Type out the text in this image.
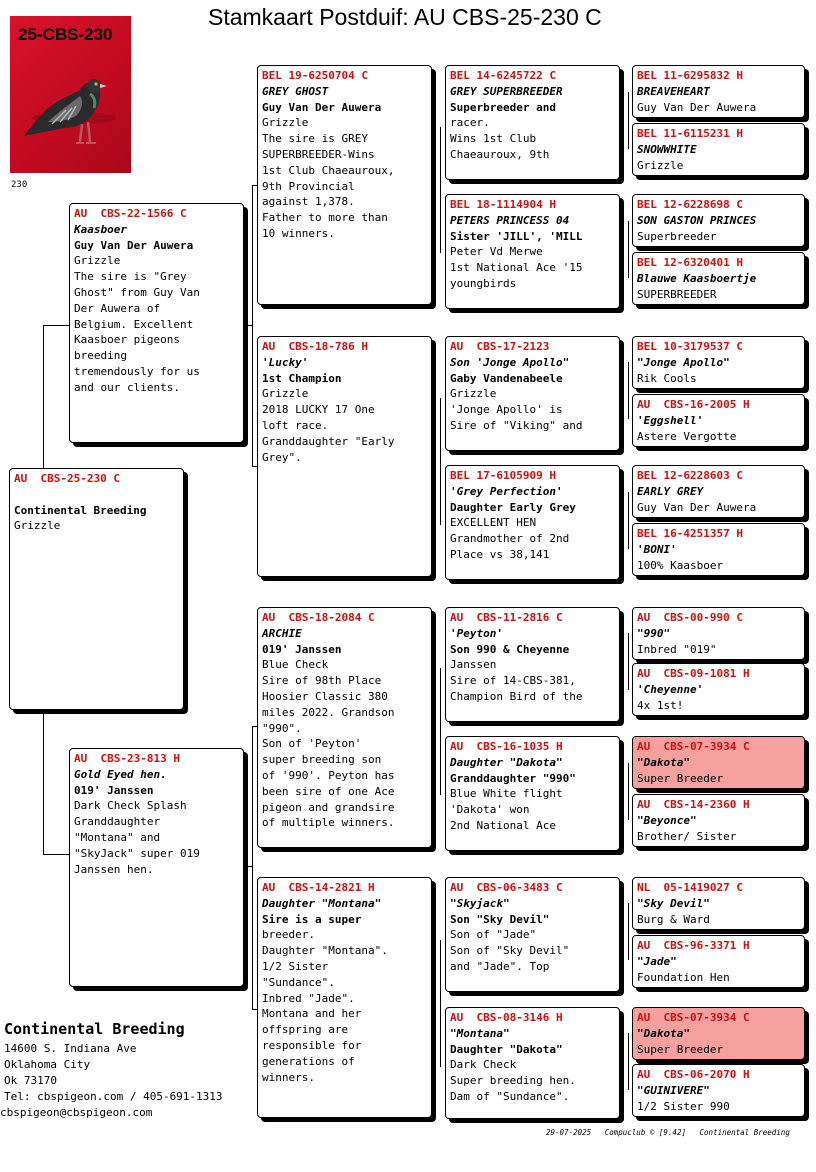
Stamkaart Postduif: AU CBS-25-230 C
25-CBS-230
230
AU  CBS-25-230 C

Continental Breeding
Grizzle
AU  CBS-22-1566 C
Kaasboer
Guy Van Der Auwera
Grizzle
The sire is "Grey
Ghost" from Guy Van
Der Auwera of
Belgium. Excellent
Kaasboer pigeons
breeding
tremendously for us
and our clients.
AU  CBS-23-813 H
Gold Eyed hen.
019' Janssen
Dark Check Splash
Granddaughter
"Montana" and
"SkyJack" super 019
Janssen hen.
BEL 19-6250704 C
GREY GHOST
Guy Van Der Auwera
Grizzle
The sire is GREY
SUPERBREEDER-Wins
1st Club Chaeauroux,
9th Provincial
against 1,378.
Father to more than
10 winners.
AU  CBS-18-786 H
'Lucky'
1st Champion
Grizzle
2018 LUCKY 17 One
loft race.
Granddaughter "Early
Grey".
AU  CBS-18-2084 C
ARCHIE
019' Janssen
Blue Check
Sire of 98th Place
Hoosier Classic 380
miles 2022. Grandson
"990".
Son of 'Peyton'
super breeding son
of '990'. Peyton has
been sire of one Ace
pigeon and grandsire
of multiple winners.
AU  CBS-14-2821 H
Daughter "Montana"
Sire is a super
breeder.
Daughter "Montana".
1/2 Sister
"Sundance".
Inbred "Jade".
Montana and her
offspring are
responsible for
generations of
winners.
BEL 14-6245722 C
GREY SUPERBREEDER
Superbreeder and
racer.
Wins 1st Club
Chaeauroux, 9th
BEL 18-1114904 H
PETERS PRINCESS 04
Sister 'JILL', 'MILL
Peter Vd Merwe
1st National Ace '15
youngbirds
AU  CBS-17-2123
Son 'Jonge Apollo"
Gaby Vandenabeele
Grizzle
'Jonge Apollo' is
Sire of "Viking" and
BEL 17-6105909 H
'Grey Perfection'
Daughter Early Grey
EXCELLENT HEN
Grandmother of 2nd
Place vs 38,141
AU  CBS-11-2816 C
'Peyton'
Son 990 & Cheyenne
Janssen
Sire of 14-CBS-381,
Champion Bird of the
AU  CBS-16-1035 H
Daughter "Dakota"
Granddaughter "990"
Blue White flight
'Dakota' won
2nd National Ace
AU  CBS-06-3483 C
"Skyjack"
Son "Sky Devil"
Son of "Jade"
Son of "Sky Devil"
and "Jade". Top
AU  CBS-08-3146 H
"Montana"
Daughter "Dakota"
Dark Check
Super breeding hen.
Dam of "Sundance".
BEL 11-6295832 H
BREAVEHEART
Guy Van Der Auwera
BEL 11-6115231 H
SNOWWHITE
Grizzle
BEL 12-6228698 C
SON GASTON PRINCES
Superbreeder
BEL 12-6320401 H
Blauwe Kaasboertje
SUPERBREEDER
BEL 10-3179537 C
"Jonge Apollo"
Rik Cools
AU  CBS-16-2005 H
'Eggshell'
Astere Vergotte
BEL 12-6228603 C
EARLY GREY
Guy Van Der Auwera
BEL 16-4251357 H
'BONI'
100% Kaasboer
AU  CBS-00-990 C
"990"
Inbred "019"
AU  CBS-09-1081 H
'Cheyenne'
4x 1st!
AU  CBS-07-3934 C
"Dakota"
Super Breeder
AU  CBS-14-2360 H
"Beyonce"
Brother/ Sister
NL  05-1419027 C
"Sky Devil"
Burg & Ward
AU  CBS-96-3371 H
"Jade"
Foundation Hen
AU  CBS-07-3934 C
"Dakota"
Super Breeder
AU  CBS-06-2070 H
"GUINIVERE"
1/2 Sister 990
Continental Breeding
14600 S. Indiana Ave
Oklahoma City
Ok 73170
Tel: cbspigeon.com / 405-691-1313
cbspigeon@cbspigeon.com
29-07-2025 Compuclub © [9.42] Continental Breeding
